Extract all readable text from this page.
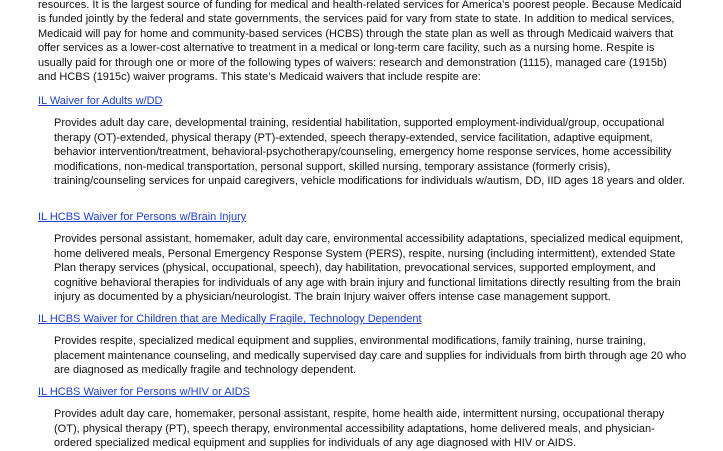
resources. It is the largest source of funding for medical and health-related services for America’s poorest people. Because Medicaid is funded jointly by the federal and state governments, the services paid for vary from state to state. In addition to medical services, Medicaid will pay for home and community-based services (HCBS) through the state plan as well as through Medicaid waivers that offer services as a lower-cost alternative to treatment in a medical or long-term care facility, such as a nursing home. Respite is usually paid for through one or more of the following types of waivers: research and demonstration (1115), managed care (1915b) and HCBS (1915c) waiver programs. This state’s Medicaid waivers that include respite are:

IL Waiver for Adults w/DD

Provides adult day care, developmental training, residential habilitation, supported employment-individual/group, occupational therapy (OT)-extended, physical therapy (PT)-extended, speech therapy-extended, service facilitation, adaptive equipment, behavior intervention/treatment, behavioral-psychotherapy/counseling, emergency home response services, home accessibility modifications, non-medical transportation, personal support, skilled nursing, temporary assistance (formerly crisis), training/counseling services for unpaid caregivers, vehicle modifications for individuals w/autism, DD, IID ages 18 years and older.

IL HCBS Waiver for Persons w/Brain Injury

Provides personal assistant, homemaker, adult day care, environmental accessibility adaptations, specialized medical equipment, home delivered meals, Personal Emergency Response System (PERS), respite, nursing (including intermittent), extended State Plan therapy services (physical, occupational, speech), day habilitation, prevocational services, supported employment, and cognitive behavioral therapies for individuals of any age with brain injury and functional limitations directly resulting from the brain injury as documented by a physician/neurologist. The brain Injury waiver offers intense case management support.

IL HCBS Waiver for Children that are Medically Fragile, Technology Dependent

Provides respite, specialized medical equipment and supplies, environmental modifications, family training, nurse training, placement maintenance counseling, and medically supervised day care and supplies for individuals from birth through age 20 who are diagnosed as medically fragile and technology dependent.

IL HCBS Waiver for Persons w/HIV or AIDS

Provides adult day care, homemaker, personal assistant, respite, home health aide, intermittent nursing, occupational therapy (OT), physical therapy (PT), speech therapy, environmental accessibility adaptations, home delivered meals, and physician-ordered specialized medical equipment and supplies for individuals of any age diagnosed with HIV or AIDS.
